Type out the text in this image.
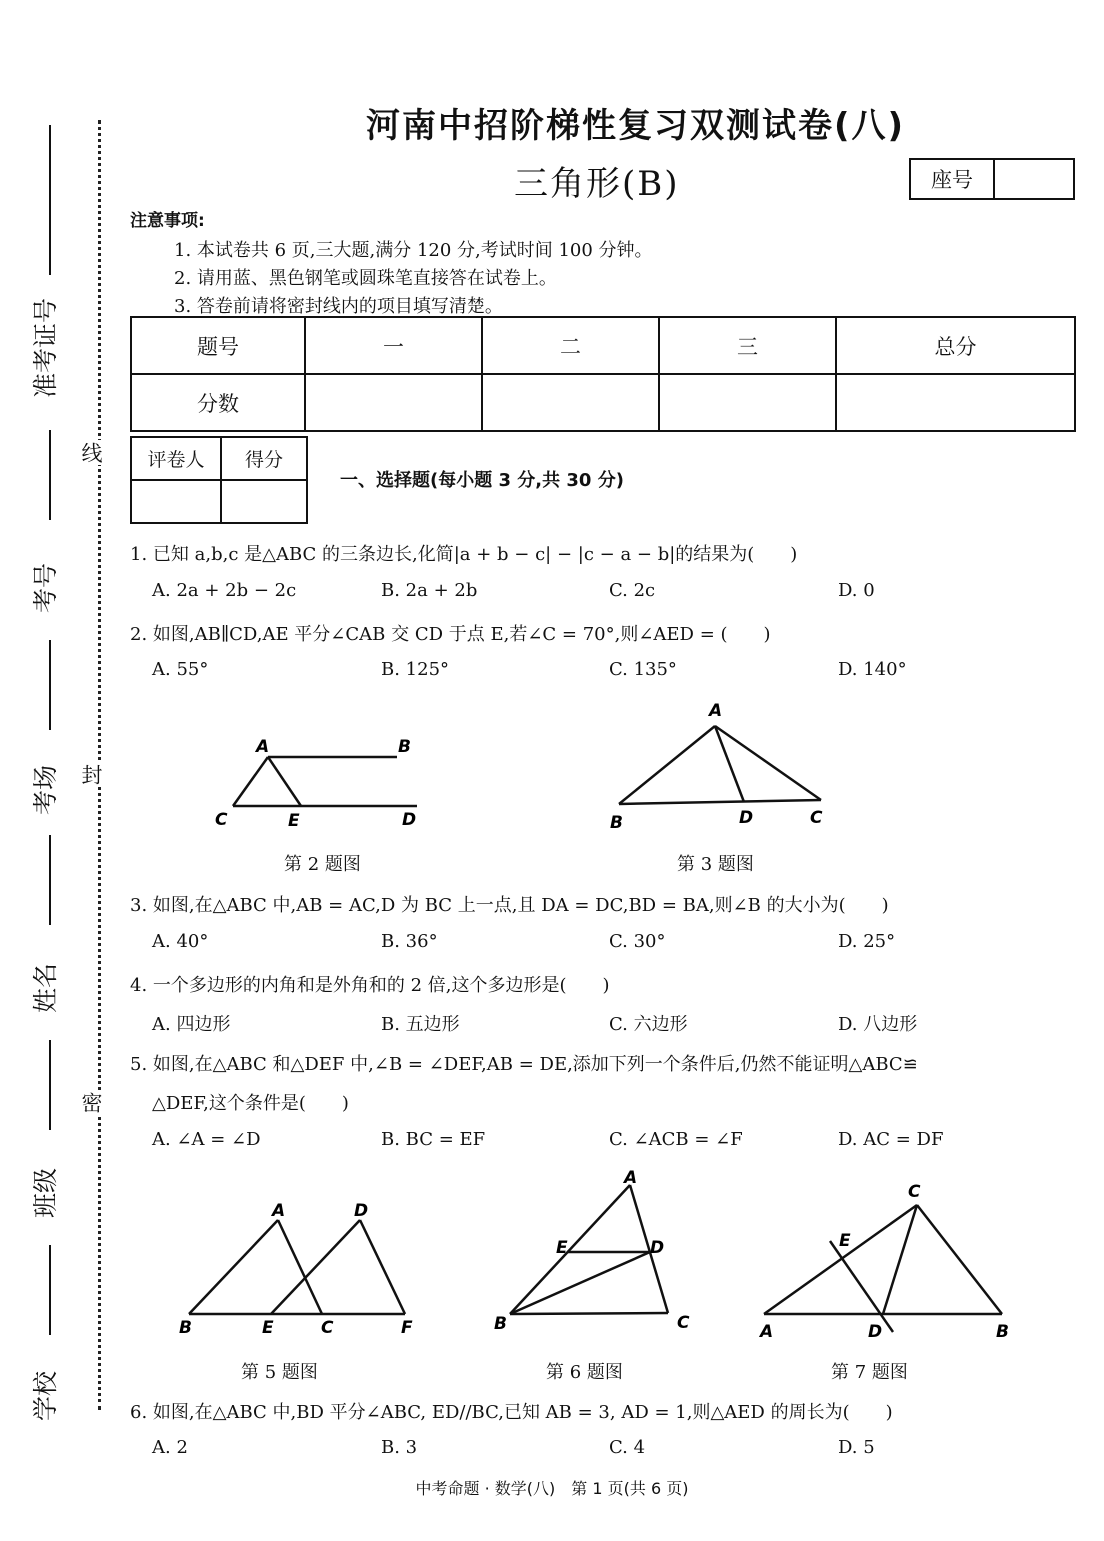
准考证号
考号
考场
姓名
班级
学校
线
封
密
河南中招阶梯性复习双测试卷(八)
三角形(B)	座号
注意事项:
1. 本试卷共 6 页,三大题,满分 120 分,考试时间 100 分钟。
2. 请用蓝、黑色钢笔或圆珠笔直接答在试卷上。
3. 答卷前请将密封线内的项目填写清楚。
题号	一	二	三	总分
分数				
评卷人	得分

一、选择题(每小题 3 分,共 30 分)
1. 已知 a,b,c 是△ABC 的三条边长,化简|a + b − c| − |c − a − b|的结果为(　　)
A. 2a + 2b − 2c	B. 2a + 2b	C. 2c	D. 0
2. 如图,AB∥CD,AE 平分∠CAB 交 CD 于点 E,若∠C = 70°,则∠AED = (　　)
A. 55°	B. 125°	C. 135°	D. 140°
A	B
C	E	D
第 2 题图
A
B	D	C
第 3 题图
3. 如图,在△ABC 中,AB = AC,D 为 BC 上一点,且 DA = DC,BD = BA,则∠B 的大小为(　　)
A. 40°	B. 36°	C. 30°	D. 25°
4. 一个多边形的内角和是外角和的 2 倍,这个多边形是(　　)
A. 四边形	B. 五边形	C. 六边形	D. 八边形
5. 如图,在△ABC 和△DEF 中,∠B = ∠DEF,AB = DE,添加下列一个条件后,仍然不能证明△ABC≌
△DEF,这个条件是(　　)
A. ∠A = ∠D	B. BC = EF	C. ∠ACB = ∠F	D. AC = DF
A	D
B	E	C	F
第 5 题图
A
E	D
B	C
第 6 题图
C
E
A	D	B
第 7 题图
6. 如图,在△ABC 中,BD 平分∠ABC, ED//BC,已知 AB = 3, AD = 1,则△AED 的周长为(　　)
A. 2	B. 3	C. 4	D. 5
中考命题 · 数学(八)　第 1 页(共 6 页)
